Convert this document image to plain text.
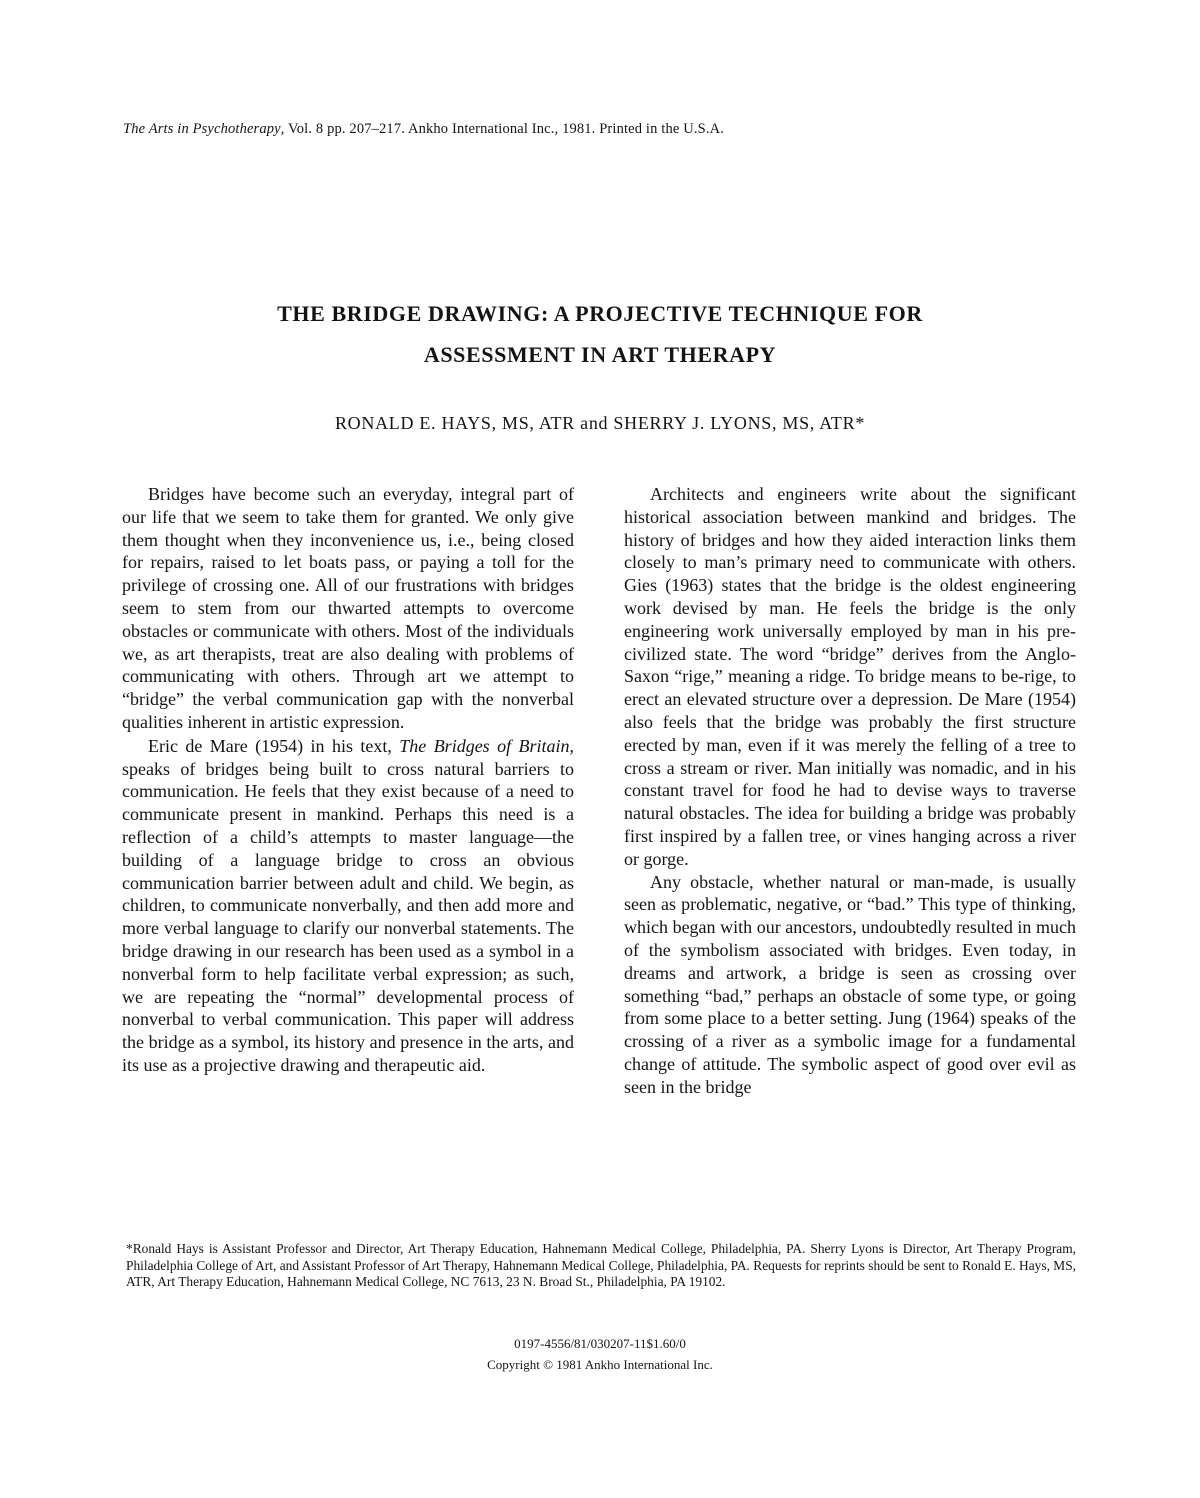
The Arts in Psychotherapy, Vol. 8 pp. 207–217. Ankho International Inc., 1981. Printed in the U.S.A.
THE BRIDGE DRAWING: A PROJECTIVE TECHNIQUE FOR
ASSESSMENT IN ART THERAPY
RONALD E. HAYS, MS, ATR and SHERRY J. LYONS, MS, ATR*

Bridges have become such an everyday, integral part of our life that we seem to take them for granted. We only give them thought when they inconvenience us, i.e., being closed for repairs, raised to let boats pass, or paying a toll for the privilege of crossing one. All of our frustrations with bridges seem to stem from our thwarted attempts to overcome obstacles or communicate with others. Most of the individuals we, as art therapists, treat are also dealing with problems of communicating with others. Through art we attempt to “bridge” the verbal communication gap with the nonverbal qualities inherent in artistic expression.

Eric de Mare (1954) in his text, The Bridges of Britain, speaks of bridges being built to cross natural barriers to communication. He feels that they exist because of a need to communicate present in mankind. Perhaps this need is a reflection of a child’s attempts to master language—the building of a language bridge to cross an obvious communication barrier between adult and child. We begin, as children, to communicate nonverbally, and then add more and more verbal language to clarify our nonverbal statements. The bridge drawing in our research has been used as a symbol in a nonverbal form to help facilitate verbal expression; as such, we are repeating the “normal” developmental process of nonverbal to verbal communication. This paper will address the bridge as a symbol, its history and presence in the arts, and its use as a projective drawing and therapeutic aid.

Architects and engineers write about the significant historical association between mankind and bridges. The history of bridges and how they aided interaction links them closely to man’s primary need to communicate with others. Gies (1963) states that the bridge is the oldest engineering work devised by man. He feels the bridge is the only engineering work universally employed by man in his pre-civilized state. The word “bridge” derives from the Anglo-Saxon “rige,” meaning a ridge. To bridge means to be-rige, to erect an elevated structure over a depression. De Mare (1954) also feels that the bridge was probably the first structure erected by man, even if it was merely the felling of a tree to cross a stream or river. Man initially was nomadic, and in his constant travel for food he had to devise ways to traverse natural obstacles. The idea for building a bridge was probably first inspired by a fallen tree, or vines hanging across a river or gorge.

Any obstacle, whether natural or man-made, is usually seen as problematic, negative, or “bad.” This type of thinking, which began with our ancestors, undoubtedly resulted in much of the symbolism associated with bridges. Even today, in dreams and artwork, a bridge is seen as crossing over something “bad,” perhaps an obstacle of some type, or going from some place to a better setting. Jung (1964) speaks of the crossing of a river as a symbolic image for a fundamental change of attitude. The symbolic aspect of good over evil as seen in the bridge

*Ronald Hays is Assistant Professor and Director, Art Therapy Education, Hahnemann Medical College, Philadelphia, PA. Sherry Lyons is Director, Art Therapy Program, Philadelphia College of Art, and Assistant Professor of Art Therapy, Hahnemann Medical College, Philadelphia, PA. Requests for reprints should be sent to Ronald E. Hays, MS, ATR, Art Therapy Education, Hahnemann Medical College, NC 7613, 23 N. Broad St., Philadelphia, PA 19102.

0197-4556/81/030207-11$1.60/0
Copyright © 1981 Ankho International Inc.
